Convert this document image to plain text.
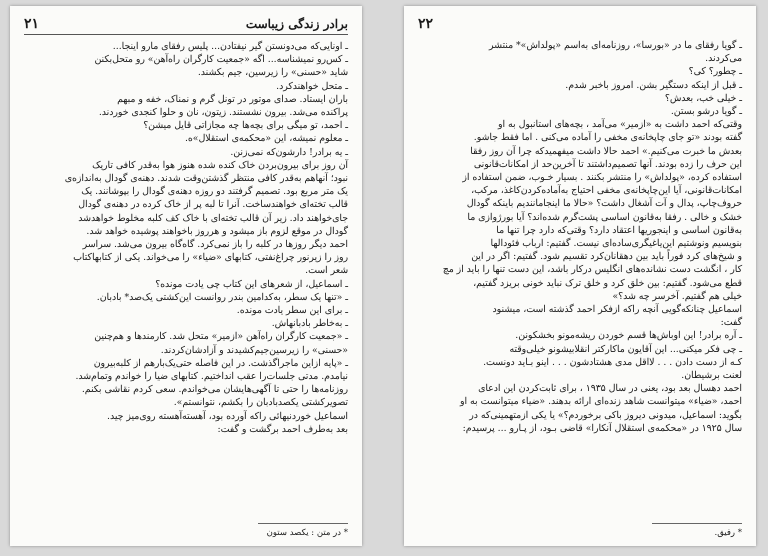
برادر زندگی زیباست
۲۱

ـ اونایی‌که می‌دونستن گیر نیفتادن... پلیس رفقای مارو اینجا...

ـ کس‌رو نمیشناسه... اگه «جمعیت کارگران راه‌آهن» رو متحل‌بکنن

شاید «حسنی» را زیرسین، جیم بکشند.

ـ متحل خواهندکرد.

باران ایستاد. صدای موتور در تونل گرم و نمناک، خفه و مبهم

پراکنده می‌شد. بیرون نشستند. زیتون، نان و حلوا کنجدی خوردند.

ـ احمد، تو میگی برای بچه‌ها چه مجازاتی قایل میشن؟

ـ معلوم نمیشه، این «محکمه‌ی استقلال»ه.

ـ یه برادر! دارشون‌که نمی‌زنن.

آن روز برای بیرون‌بردن خاک کنده شده هنوز هوا به‌قدر کافی تاریک

نبود؛ آنهاهم به‌قدر کافی منتظر گذشتن‌وقت شدند. دهنه‌ی گودال به‌اندازه‌ی

یک متر مربع بود. تصمیم گرفتند دو روزه دهنه‌ی گودال را بپوشانند. یک

قالب تخته‌ای خواهندساخت. آنرا تا لبه پر از خاک کرده در دهنه‌ی گودال

جای‌خواهند داد. زیر آن قالب تخته‌ای با خاک کف کلبه مخلوط خواهدشد

گودال در موقع لزوم باز میشود و هرروز باخواهند پوشیده خواهد شد.

احمد دیگر روزها در کلبه را باز نمی‌کرد. گاه‌گاه بیرون می‌شد. سراسر

روز را زیرنور چراغ‌نفتی، کتابهای «ضیاء» را می‌خواند. یکی از کتابهاکتاب

شعر است.

ـ اسماعیل، از شعرهای این کتاب چی یادت مونده؟

ـ «تنها یک سطر، به‌کدامین بندر روانست این‌کشتی یک‌صد* بادبان.

ـ برای این سطر یادت مونده.

ـ به‌خاطر بادبانهاش.

ـ «جمعیت کارگران راه‌آهن «ازمیر» متحل شد. کارمندها و هم‌چنین

«حسنی» را زیرسین‌جیم‌کشیدند و آزادشان‌کردند.

ـ «پایه ازاین ماجراگذشت. در این فاصله حتی‌یک‌بارهم از کلبه‌بیرون

نیامدم. مدتی جلسات‌را عقب انداختیم. کتابهای ضیا را خواندم وتمام‌شد.

روزنامه‌ها را حتی تا آگهی‌هایشان می‌خواندم. سعی کردم نقاشی بکنم.

تصویرکشتی یکصدبادبان را بکشم، نتوانستم».

اسماعیل خوردنیهائی راکه آورده بود، آهسته‌آهسته روی‌میز چید.

بعد به‌طرف احمد برگشت و گفت:

* در متن : یکصد ستون
۲۲

ـ گویا رفقای ما در «بورسا»، روزنامه‌ای به‌اسم «پولداش»* منتشر

می‌کردند.

ـ چطور؟ کی؟

ـ قبل از اینکه دستگیر بشن. امروز باخبر شدم.

ـ خیلی خب، بعدش؟

ـ گویا درشو بستن.

وقتی‌که احمد داشت به «ازمیر» می‌آمد ، بچه‌های استانبول به او

گفته بودند «تو جای چاپخانه‌ی مخفی را آماده می‌کنی . اما فقط جاشو.

بعدش ما خبرت می‌کنیم.» احمد حالا داشت میفهمیدکه چرا آن روز رفقا

این حرف را زده بودند. آنها تصمیم‌داشتند تا آخرین‌حد از امکانات‌قانونی

استفاده کرده، «پولداش» را منتشر بکنند . بسیار خـوب، ضمن استفاده از

امکانات‌قانونی، آیا این‌چاپخانه‌ی مخفی احتیاج به‌آماده‌کردن‌کاغذ، مرکب،

حروف‌چاپ، پدال و آت آشغال داشت؟ «حالا ما اینجا‌مانندیم باینکه گودال

خشک و خالی . رفقا به‌قانون اساسی پشت‌گرم شده‌اند؟ آیا بورژوازی ما

به‌قانون اساسی و اینجوریها اعتقاد دارد؟ وقتی‌که دارد چرا تنها ما

بنویسیم ونوشتیم این‌یا‌غیگری‌ساده‌ای نیست. گفتیم: ارباب فئودالها

و شیخ‌های کرد فوراً باید بین دهقانان‌کرد تقسیم شود. گفتیم: اگر در این

کار ، انگشت دست نشانده‌های انگلیس درکار باشد، این دست تنها را باید از مچ

قطع می‌شود. گفتیم: بین خلق کرد و خلق ترک نباید خونی بریزد گفتیم،

خیلی هم گفتیم. آخرسر چه شد؟»

اسماعیل چنانکه‌گویی آنچه راکه ازفکر احمد گذشته است، میشنود

گفت:

ـ آره برادر! این اوباش‌ها قسم خوردن ریشه‌مونو بخشکونن.

ـ چی فکر میکنی... این آقایون ماکارکتر انقلابیشونو خیلی‌وقته

کـه از دست دادن . . . لااقل مدی هشتادشون . . . اینو بـاید دونست.

لعنت برشیطان.

احمد دهسال بعد بود، یعنی در سال ۱۹۳۵ ، برای ثابت‌کردن این ادعای

احمد، «ضیاء» میتوانست شاهد زنده‌ای ارائه بدهند. «ضیاء میتوانست به او

بگوید: اسماعیل، میدونی دیروز باکی برخوردم؟» یا یکی ازمتهمینی‌که در

سال ۱۹۲۵ در «محکمه‌ی استقلال آنکارا» قاضی بـود، از پـارو ... پرسیدم:

* رفیق.
